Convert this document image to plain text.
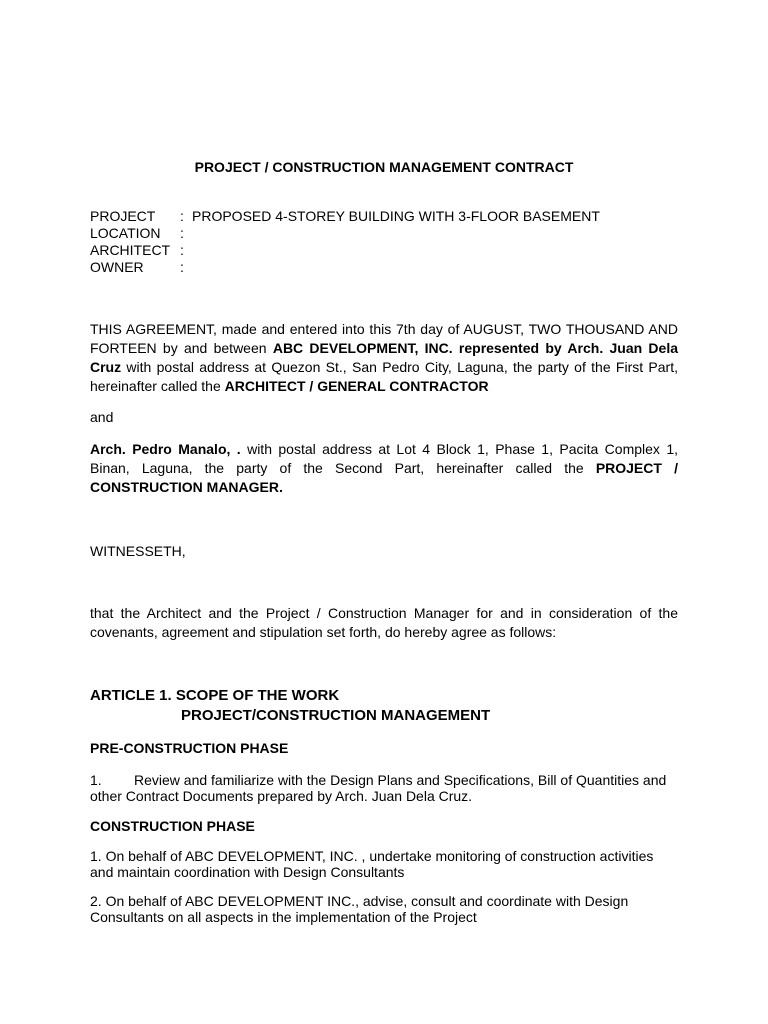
PROJECT / CONSTRUCTION MANAGEMENT CONTRACT
PROJECT	: PROPOSED 4-STOREY BUILDING WITH 3-FLOOR BASEMENT
LOCATION	:
ARCHITECT :
OWNER	:
THIS AGREEMENT, made and entered into this 7th day of AUGUST, TWO THOUSAND AND FORTEEN by and between ABC DEVELOPMENT, INC. represented by Arch. Juan Dela Cruz with postal address at Quezon St., San Pedro City, Laguna, the party of the First Part, hereinafter called the ARCHITECT / GENERAL CONTRACTOR
and
Arch. Pedro Manalo, . with postal address at Lot 4 Block 1, Phase 1, Pacita Complex 1, Binan, Laguna, the party of the Second Part, hereinafter called the PROJECT / CONSTRUCTION MANAGER.
WITNESSETH,
that the Architect and the Project / Construction Manager for and in consideration of the covenants, agreement and stipulation set forth, do hereby agree as follows:
ARTICLE 1. SCOPE OF THE WORK
PROJECT/CONSTRUCTION MANAGEMENT
PRE-CONSTRUCTION PHASE
1. Review and familiarize with the Design Plans and Specifications, Bill of Quantities and other Contract Documents prepared by Arch. Juan Dela Cruz.
CONSTRUCTION PHASE
1. On behalf of ABC DEVELOPMENT, INC. , undertake monitoring of construction activities and maintain coordination with Design Consultants
2. On behalf of ABC DEVELOPMENT INC., advise, consult and coordinate with Design Consultants on all aspects in the implementation of the Project
